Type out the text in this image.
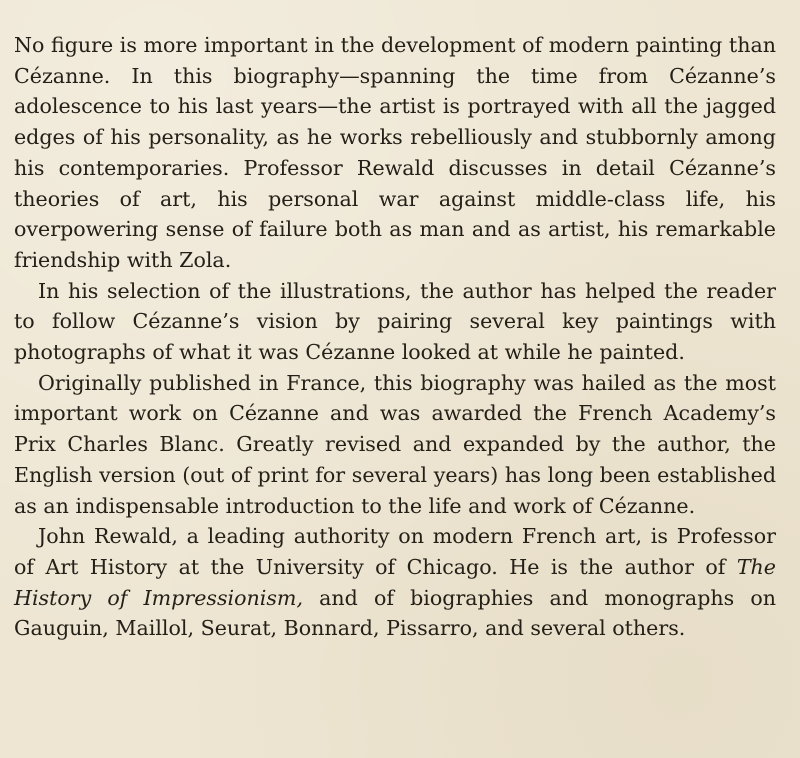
No figure is more important in the development of modern painting than Cézanne. In this biography—spanning the time from Cézanne’s adolescence to his last years—the artist is portrayed with all the jagged edges of his personality, as he works rebelliously and stubbornly among his contemporaries. Professor Rewald discusses in detail Cézanne’s theories of art, his personal war against middle-class life, his overpowering sense of failure both as man and as artist, his remarkable friendship with Zola.

In his selection of the illustrations, the author has helped the reader to follow Cézanne’s vision by pairing several key paintings with photographs of what it was Cézanne looked at while he painted.

Originally published in France, this biography was hailed as the most important work on Cézanne and was awarded the French Academy’s Prix Charles Blanc. Greatly revised and expanded by the author, the English version (out of print for several years) has long been established as an indispensable introduction to the life and work of Cézanne.

John Rewald, a leading authority on modern French art, is Professor of Art History at the University of Chicago. He is the author of The History of Impressionism, and of biographies and monographs on Gauguin, Maillol, Seurat, Bonnard, Pissarro, and several others.
